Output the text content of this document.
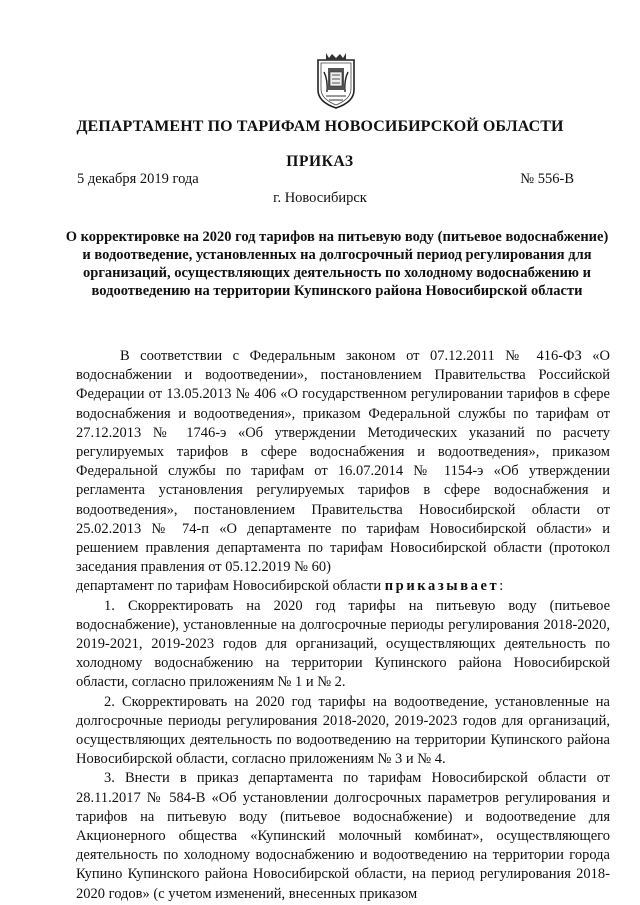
ДЕПАРТАМЕНТ ПО ТАРИФАМ НОВОСИБИРСКОЙ ОБЛАСТИ
ПРИКАЗ
5 декабря 2019 года	№ 556-В
г. Новосибирск
О корректировке на 2020 год тарифов на питьевую воду (питьевое водоснабжение) и водоотведение, установленных на долгосрочный период регулирования для организаций, осуществляющих деятельность по холодному водоснабжению и водоотведению на территории Купинского района Новосибирской области
В соответствии с Федеральным законом от 07.12.2011 № 416-ФЗ «О водоснабжении и водоотведении», постановлением Правительства Российской Федерации от 13.05.2013 № 406 «О государственном регулировании тарифов в сфере водоснабжения и водоотведения», приказом Федеральной службы по тарифам от 27.12.2013 № 1746-э «Об утверждении Методических указаний по расчету регулируемых тарифов в сфере водоснабжения и водоотведения», приказом Федеральной службы по тарифам от 16.07.2014 № 1154-э «Об утверждении регламента установления регулируемых тарифов в сфере водоснабжения и водоотведения», постановлением Правительства Новосибирской области от 25.02.2013 № 74-п «О департаменте по тарифам Новосибирской области» и решением правления департамента по тарифам Новосибирской области (протокол заседания правления от 05.12.2019 № 60)
департамент по тарифам Новосибирской области приказывает:
1. Скорректировать на 2020 год тарифы на питьевую воду (питьевое водоснабжение), установленные на долгосрочные периоды регулирования 2018-2020, 2019-2021, 2019-2023 годов для организаций, осуществляющих деятельность по холодному водоснабжению на территории Купинского района Новосибирской области, согласно приложениям № 1 и № 2.
2. Скорректировать на 2020 год тарифы на водоотведение, установленные на долгосрочные периоды регулирования 2018-2020, 2019-2023 годов для организаций, осуществляющих деятельность по водоотведению на территории Купинского района Новосибирской области, согласно приложениям № 3 и № 4.
3. Внести в приказ департамента по тарифам Новосибирской области от 28.11.2017 № 584-В «Об установлении долгосрочных параметров регулирования и тарифов на питьевую воду (питьевое водоснабжение) и водоотведение для Акционерного общества «Купинский молочный комбинат», осуществляющего деятельность по холодному водоснабжению и водоотведению на территории города Купино Купинского района Новосибирской области, на период регулирования 2018-2020 годов» (с учетом изменений, внесенных приказом
